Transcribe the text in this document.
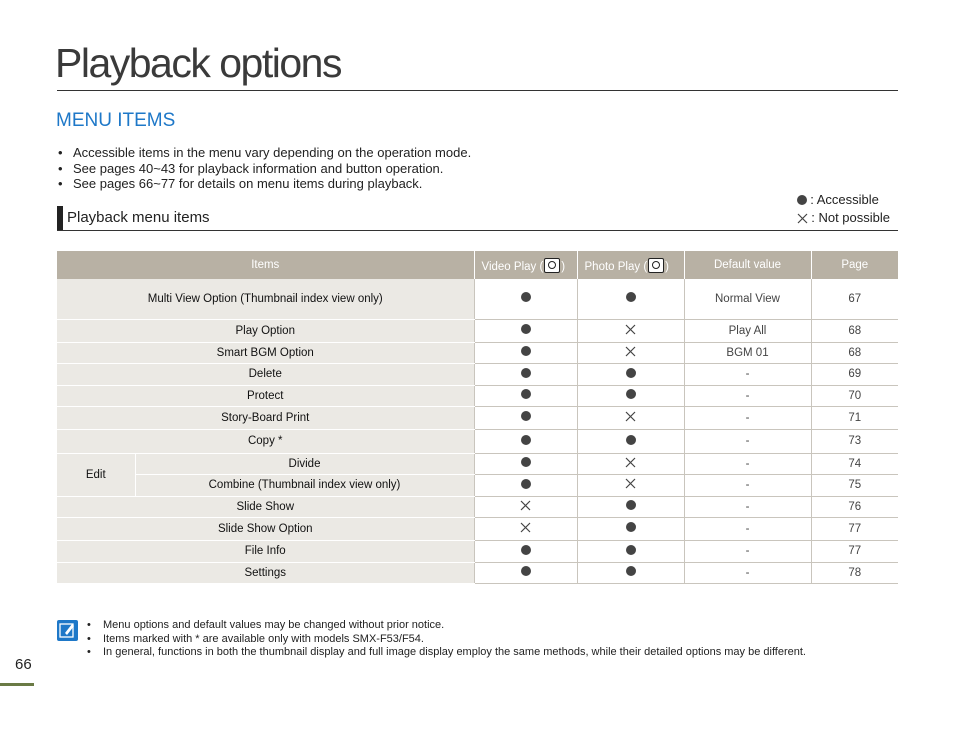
Playback options
MENU ITEMS
• Accessible items in the menu vary depending on the operation mode.
• See pages 40~43 for playback information and button operation.
• See pages 66~77 for details on menu items during playback.
: Accessible
: Not possible
Playback menu items
Items		Video Play ( )	Photo Play ( )	Default value	Page
Multi View Option (Thumbnail index view only)				Normal View	67
Play Option				Play All	68
Smart BGM Option				BGM 01	68
Delete				-	69
Protect				-	70
Story-Board Print				-	71
Copy *				-	73
Edit	Divide			-	74
	Combine (Thumbnail index view only)			-	75
Slide Show				-	76
Slide Show Option				-	77
File Info				-	77
Settings				-	78
• Menu options and default values may be changed without prior notice.
• Items marked with * are available only with models SMX-F53/F54.
• In general, functions in both the thumbnail display and full image display employ the same methods, while their detailed options may be different.
66
